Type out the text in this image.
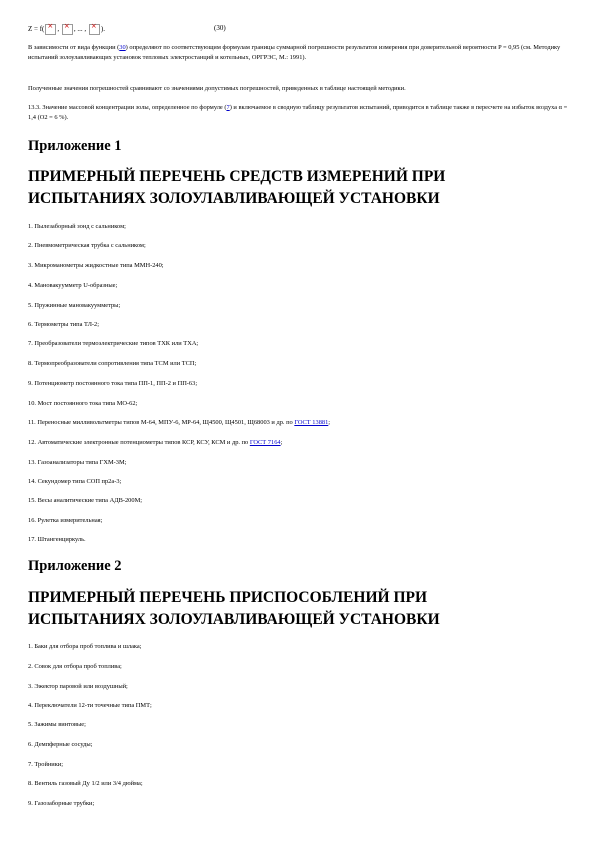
Z = f( × , × , ... , × ).	(30)
В зависимости от вида функции (30) определяют по соответствующим формулам границы суммарной погрешности результатов измерения при доверительной вероятности P = 0,95 (см. Методику испытаний золоулавливающих установок тепловых электростанций и котельных, ОРГРЭС, М.: 1991).
Полученные значения погрешностей сравнивают со значениями допустимых погрешностей, приведенных в таблице настоящей методики.
13.3. Значение массовой концентрации золы, определенное по формуле (7) и включаемое в сводную таблицу результатов испытаний, приводится в таблице также в пересчете на избыток воздуха α = 1,4 (O2 = 6 %).
Приложение 1
ПРИМЕРНЫЙ ПЕРЕЧЕНЬ СРЕДСТВ ИЗМЕРЕНИЙ ПРИ ИСПЫТАНИЯХ ЗОЛОУЛАВЛИВАЮЩЕЙ УСТАНОВКИ
1. Пылезаборный зонд с сальником;
2. Пневмометрическая трубка с сальником;
3. Микроманометры жидкостные типа ММН-240;
4. Мановакуумметр U-образные;
5. Пружинные мановакуумметры;
6. Термометры типа ТЛ-2;
7. Преобразователи термоэлектрические типов ТХК или ТХА;
8. Термопреобразователи сопротивления типа ТСМ или ТСП;
9. Потенциометр постоянного тока типа ПП-1, ПП-2 и ПП-63;
10. Мост постоянного тока типа МО-62;
11. Переносные милливольтметры типов М-64, МПУ-6, МР-64, Щ4500, Щ4501, Щ68003 и др. по ГОСТ 13881;
12. Автоматические электронные потенциометры типов КСР, КСУ, КСМ и др. по ГОСТ 7164;
13. Газоанализаторы типа ГХМ-3М;
14. Секундомер типа СОП пр2а-3;
15. Весы аналитические типа АДВ-200М;
16. Рулетка измерительная;
17. Штангенциркуль.
Приложение 2
ПРИМЕРНЫЙ ПЕРЕЧЕНЬ ПРИСПОСОБЛЕНИЙ ПРИ ИСПЫТАНИЯХ ЗОЛОУЛАВЛИВАЮЩЕЙ УСТАНОВКИ
1. Баки для отбора проб топлива и шлака;
2. Совок для отбора проб топлива;
3. Эжектор паровой или воздушный;
4. Переключатели 12-ти точечные типа ПМТ;
5. Зажимы винтовые;
6. Демпферные сосуды;
7. Тройники;
8. Вентиль газовый Ду 1/2 или 3/4 дюйма;
9. Газозаборные трубки;
